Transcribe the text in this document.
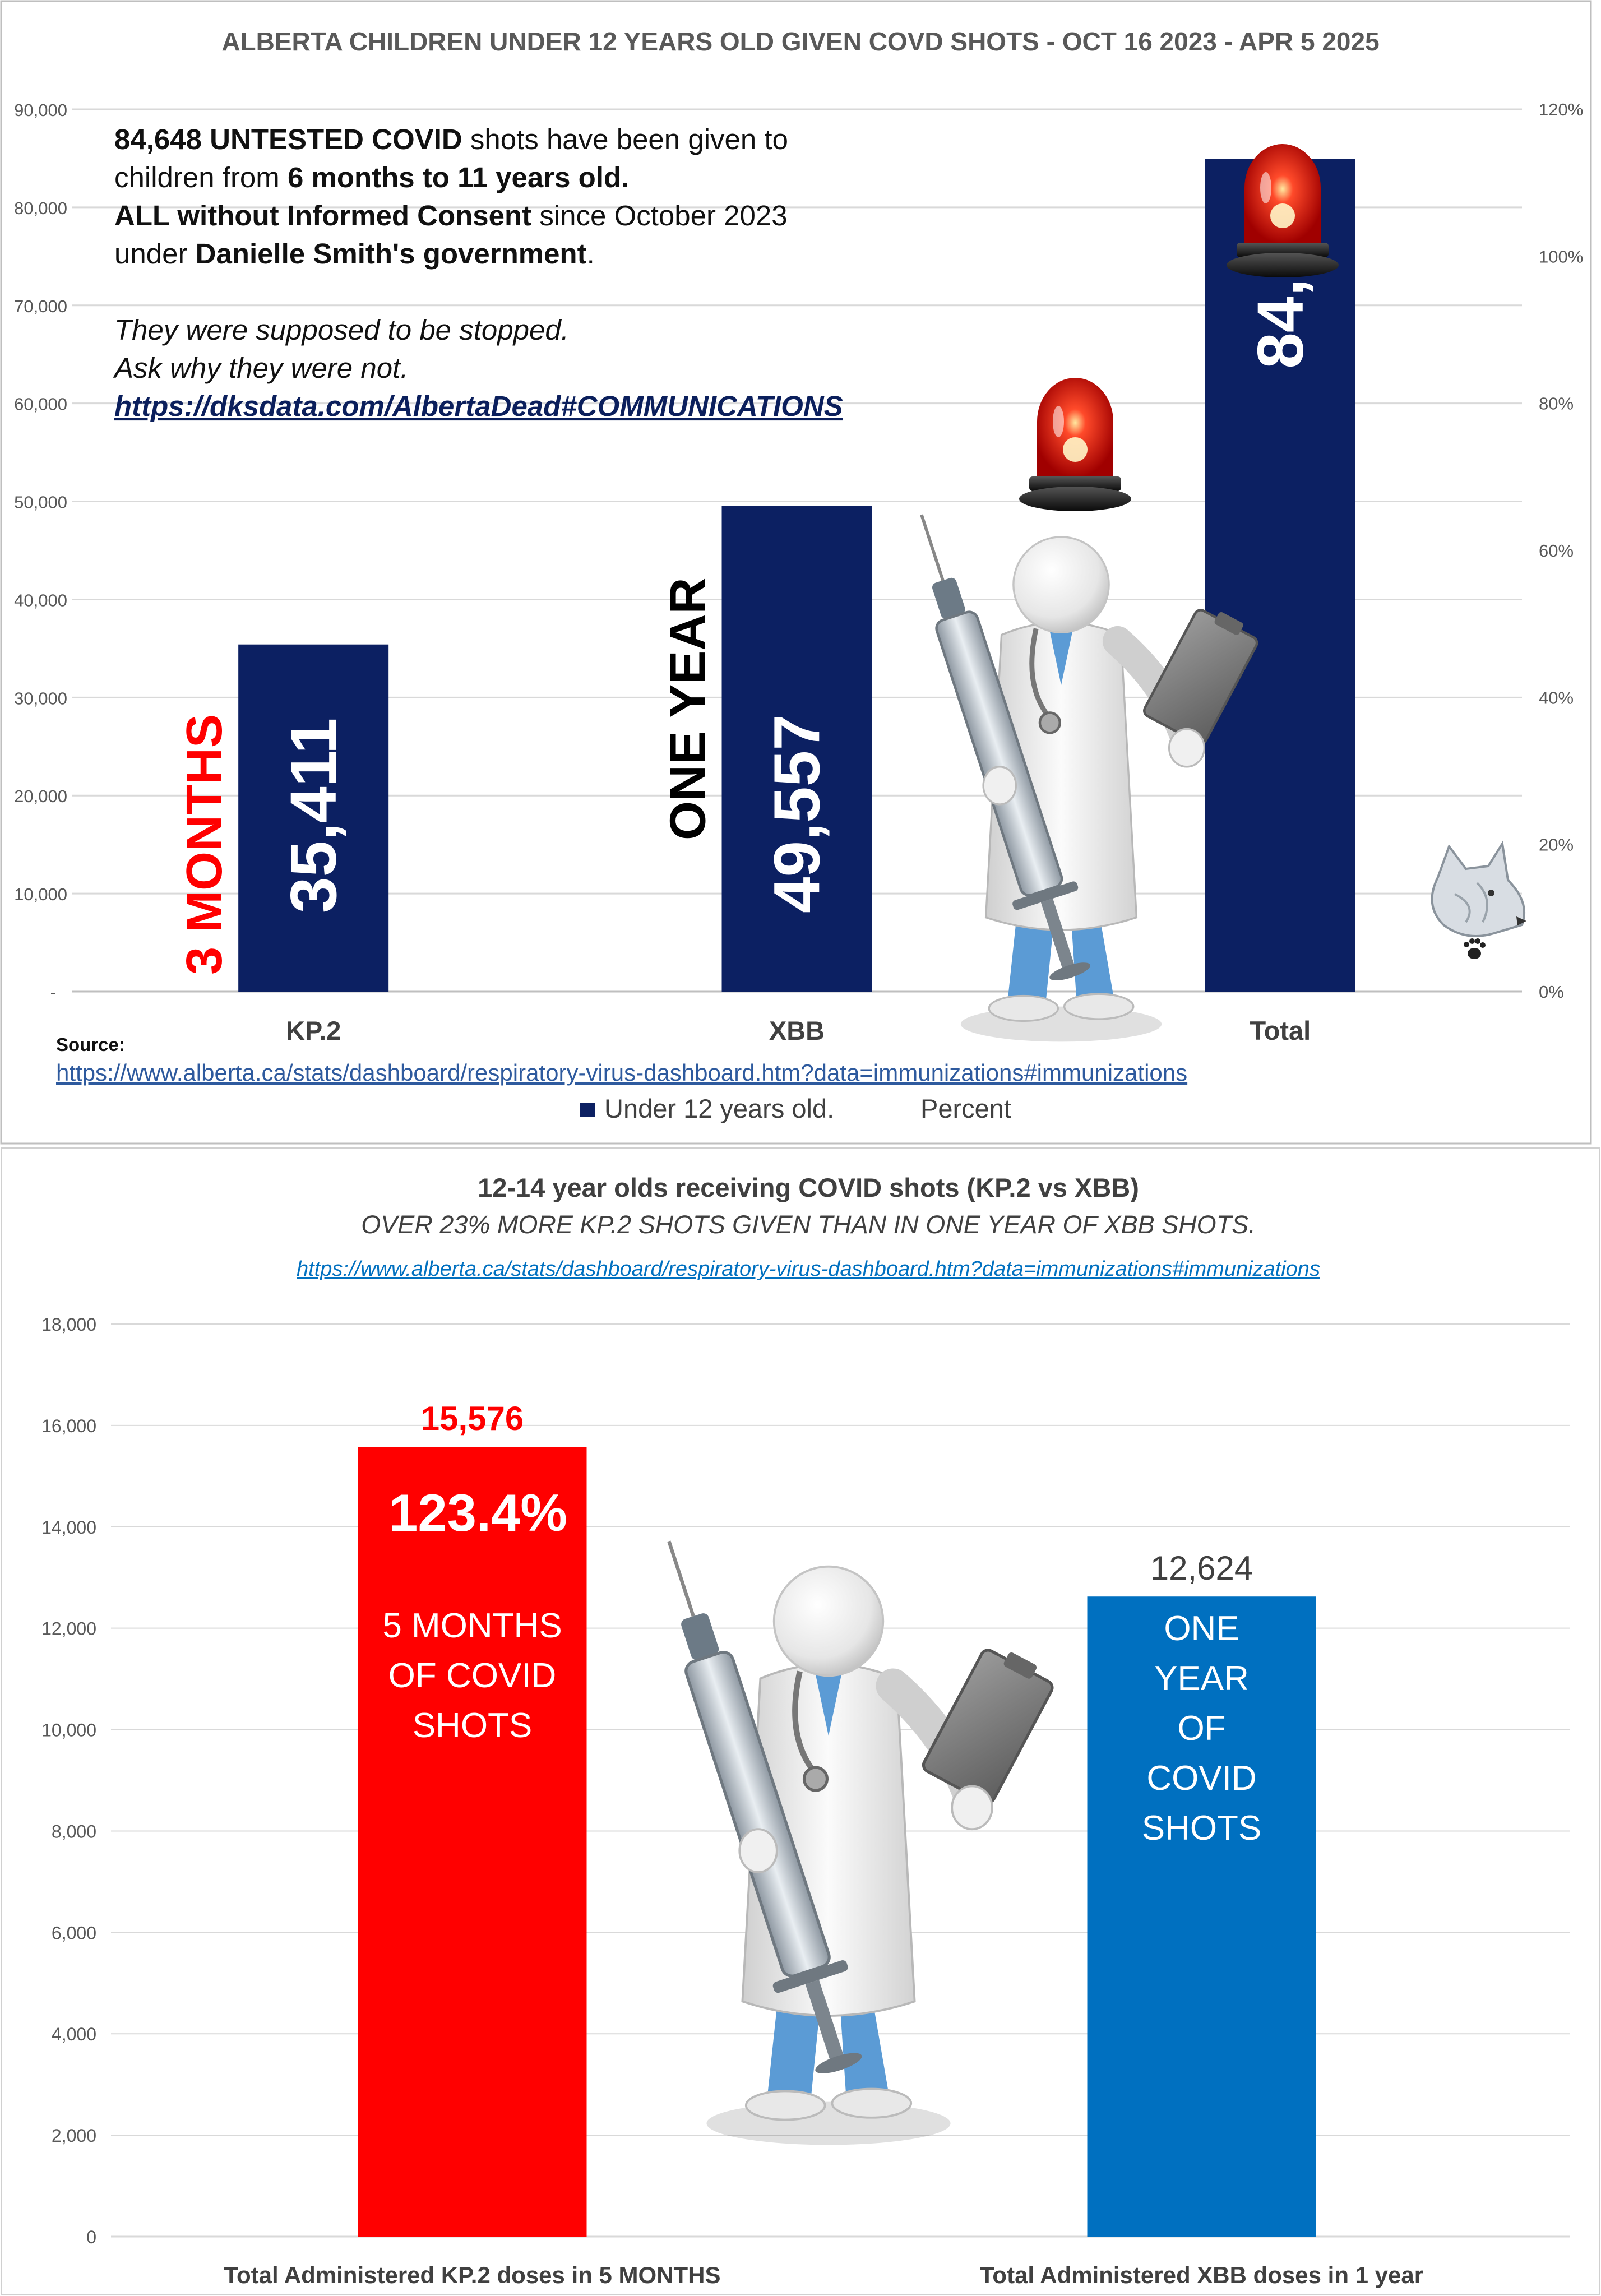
ALBERTA CHILDREN UNDER 12 YEARS OLD GIVEN COVD SHOTS - OCT 16 2023 - APR 5 2025
-
10,000
20,000
30,000
40,000
50,000
60,000
70,000
80,000
90,000
0%
20%
40%
60%
80%
100%
120%
35,411
3 MONTHS	49,557
ONE YEAR
KP.2	XBB	Total
84,648 UNTESTED COVID shots have been given to children from 6 months to 11 years old. ALL without Informed Consent since October 2023 under Danielle Smith's government. They were supposed to be stopped. Ask why they were not. https://dksdata.com/AlbertaDead#COMMUNICATIONS
Source:
https://www.alberta.ca/stats/dashboard/respiratory-virus-dashboard.htm?data=immunizations#immunizations
Under 12 years old.	Percent
12-14 year olds receiving COVID shots (KP.2 vs XBB)
OVER 23% MORE KP.2 SHOTS GIVEN THAN IN ONE YEAR OF XBB SHOTS.
https://www.alberta.ca/stats/dashboard/respiratory-virus-dashboard.htm?data=immunizations#immunizations
0
2,000
4,000
6,000
8,000
10,000
12,000
14,000
16,000
18,000
15,576
123.4%
5 MONTHS
OF COVID
SHOTS
12,624
ONE
YEAR
OF
COVID
SHOTS
Total Administered KP.2 doses in 5 MONTHS	Total Administered XBB doses in 1 year
